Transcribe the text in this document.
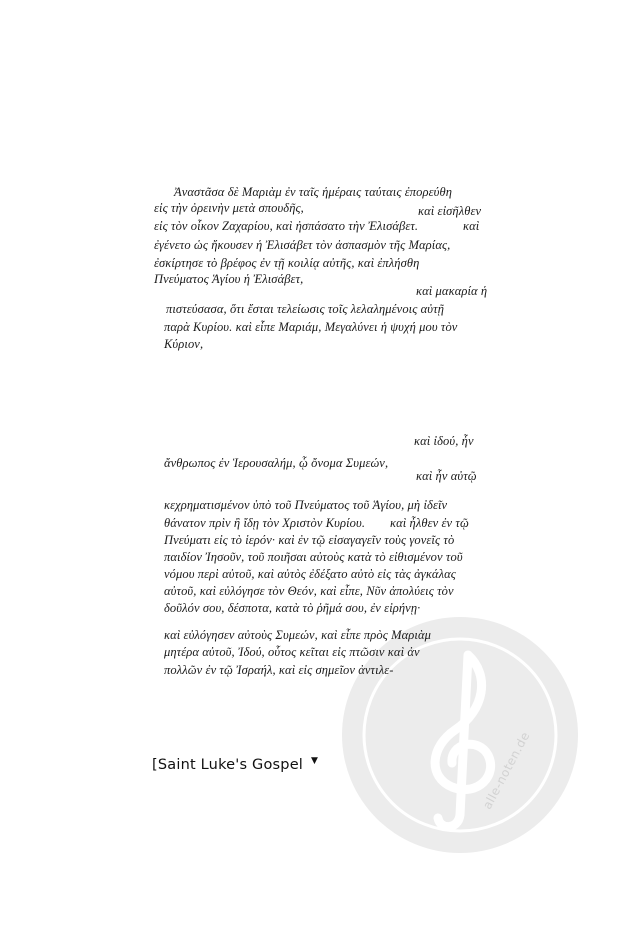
alle-noten.de
Ἀναστᾶσα δὲ Μαριὰμ ἐν ταῖς ἡμέραις ταύταις ἐπορεύθη
εἰς τὴν ὀρεινὴν μετὰ σπουδῆς,	καὶ εἰσῆλθεν
εἰς τὸν οἶκον Ζαχαρίου, καὶ ἠσπάσατο τὴν Ἐλισάβετ.	καὶ
ἐγένετο ὡς ἤκουσεν ἡ Ἐλισάβετ τὸν ἀσπασμὸν τῆς Μαρίας,
ἐσκίρτησε τὸ βρέφος ἐν τῇ κοιλίᾳ αὐτῆς, καὶ ἐπλήσθη
Πνεύματος Ἁγίου ἡ Ἐλισάβετ,
καὶ μακαρία ἡ
πιστεύσασα, ὅτι ἔσται τελείωσις τοῖς λελαλημένοις αὐτῇ
παρὰ Κυρίου. καὶ εἶπε Μαριάμ, Μεγαλύνει ἡ ψυχή μου τὸν
Κύριον,
καὶ ἰδού, ἦν
ἄνθρωπος ἐν Ἱερουσαλήμ, ᾧ ὄνομα Συμεών,
καὶ ἦν αὐτῷ
κεχρηματισμένον ὑπὸ τοῦ Πνεύματος τοῦ Ἁγίου, μὴ ἰδεῖν
θάνατον πρὶν ἢ ἴδῃ τὸν Χριστὸν Κυρίου. καὶ ἦλθεν ἐν τῷ
Πνεύματι εἰς τὸ ἱερόν· καὶ ἐν τῷ εἰσαγαγεῖν τοὺς γονεῖς τὸ
παιδίον Ἰησοῦν, τοῦ ποιῆσαι αὐτοὺς κατὰ τὸ εἰθισμένον τοῦ
νόμου περὶ αὐτοῦ, καὶ αὐτὸς ἐδέξατο αὐτὸ εἰς τὰς ἀγκάλας
αὐτοῦ, καὶ εὐλόγησε τὸν Θεόν, καὶ εἶπε, Νῦν ἀπολύεις τὸν
δοῦλόν σου, δέσποτα, κατὰ τὸ ῥῆμά σου, ἐν εἰρήνῃ·
καὶ εὐλόγησεν αὐτοὺς Συμεών, καὶ εἶπε πρὸς Μαριὰμ
μητέρα αὐτοῦ, Ἰδού, οὗτος κεῖται εἰς πτῶσιν καὶ ἀν
πολλῶν ἐν τῷ Ἰσραήλ, καὶ εἰς σημεῖον ἀντιλε-
[Saint Luke's Gospel ▼
